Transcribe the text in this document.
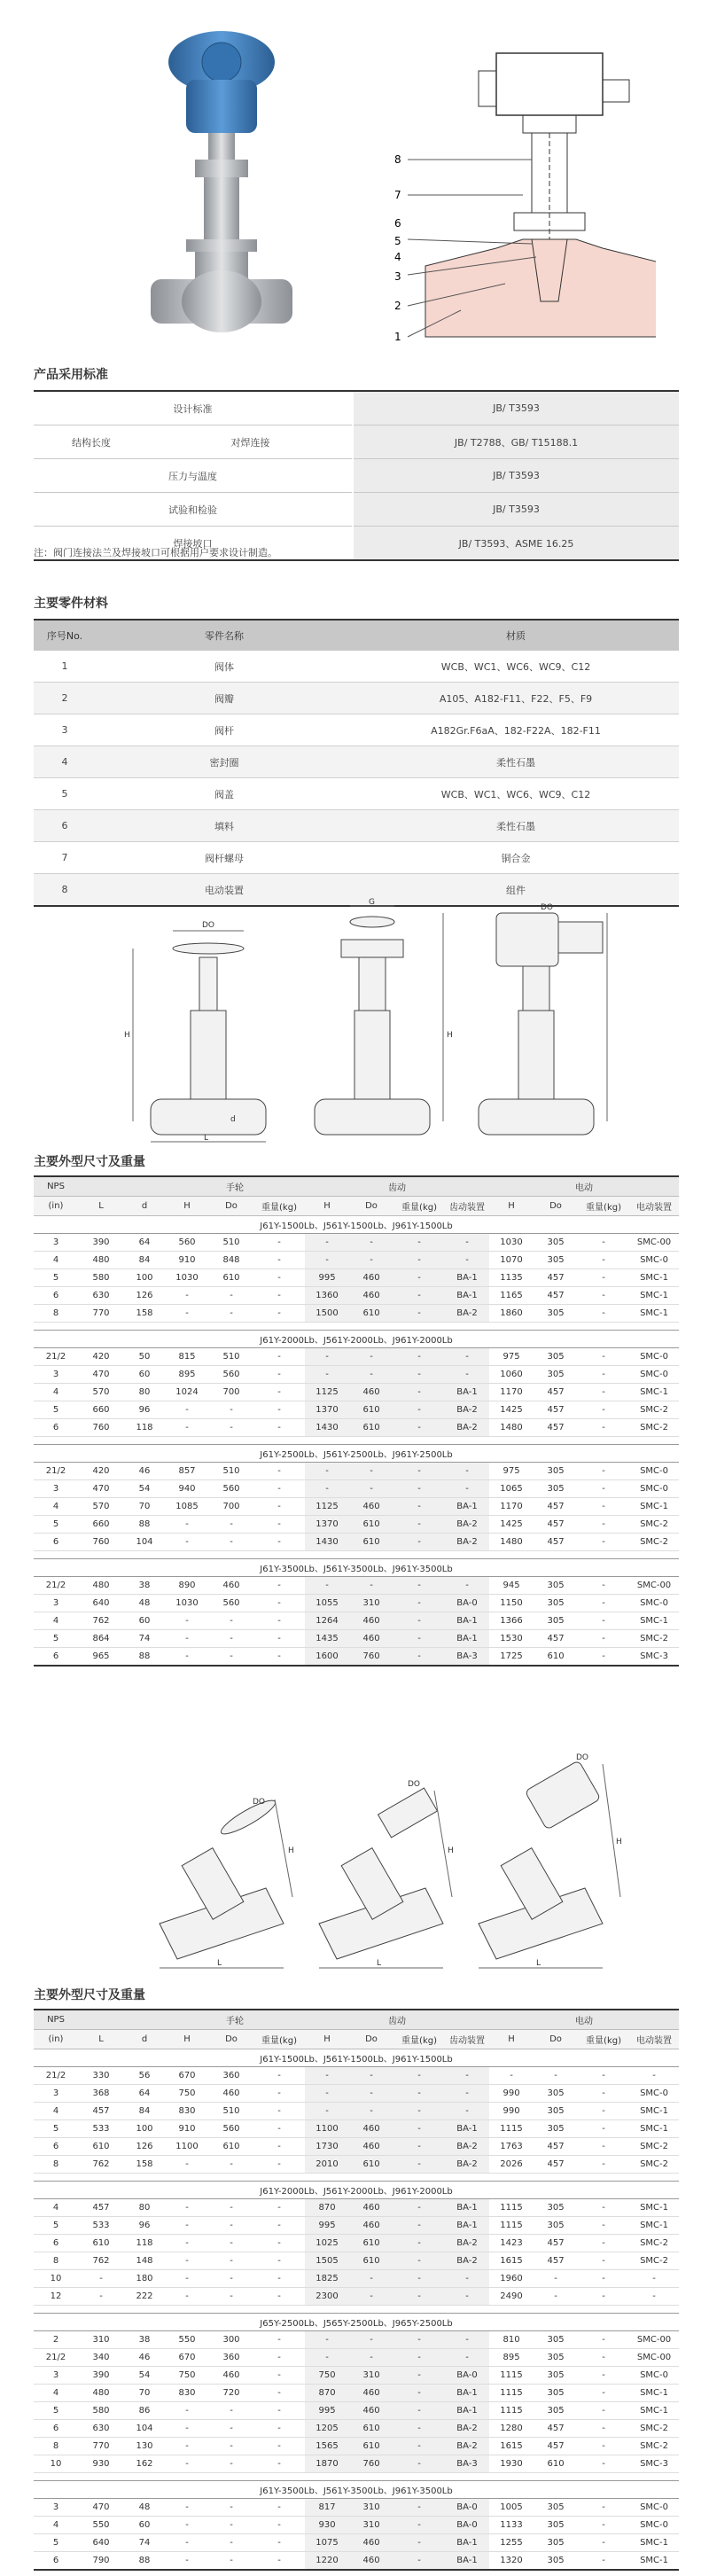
8
7
6
5
4
3
2
1
产品采用标准
设计标准		JB/ T3593
结构长度	对焊连接	JB/ T2788、GB/ T15188.1
压力与温度		JB/ T3593
试验和检验		JB/ T3593
焊接坡口		JB/ T3593、ASME 16.25
注：阀门连接法兰及焊接坡口可根据用户要求设计制造。
主要零件材料
序号No.	零件名称	材质
1	阀体	WCB、WC1、WC6、WC9、C12
2	阀瓣	A105、A182-F11、F22、F5、F9
3	阀杆	A182Gr.F6aA、182-F22A、182-F11
4	密封圈	柔性石墨
5	阀盖	WCB、WC1、WC6、WC9、C12
6	填料	柔性石墨
7	阀杆螺母	铜合金
8	电动装置	组件
DO
H
L
d
G
H
DO
主要外型尺寸及重量
NPS			手轮			齿动				电动			
(in)	L	d	H	Do	重量(kg)	H	Do	重量(kg)	齿动装置	H	Do	重量(kg)	电动装置
J61Y-1500Lb、J561Y-1500Lb、J961Y-1500Lb													
3	390	64	560	510	-	-	-	-	-	1030	305	-	SMC-00
4	480	84	910	848	-	-	-	-	-	1070	305	-	SMC-0
5	580	100	1030	610	-	995	460	-	BA-1	1135	457	-	SMC-1
6	630	126	-	-	-	1360	460	-	BA-1	1165	457	-	SMC-1
8	770	158	-	-	-	1500	610	-	BA-2	1860	305	-	SMC-1

J61Y-2000Lb、J561Y-2000Lb、J961Y-2000Lb													
21/2	420	50	815	510	-	-	-	-	-	975	305	-	SMC-0
3	470	60	895	560	-	-	-	-	-	1060	305	-	SMC-0
4	570	80	1024	700	-	1125	460	-	BA-1	1170	457	-	SMC-1
5	660	96	-	-	-	1370	610	-	BA-2	1425	457	-	SMC-2
6	760	118	-	-	-	1430	610	-	BA-2	1480	457	-	SMC-2

J61Y-2500Lb、J561Y-2500Lb、J961Y-2500Lb													
21/2	420	46	857	510	-	-	-	-	-	975	305	-	SMC-0
3	470	54	940	560	-	-	-	-	-	1065	305	-	SMC-0
4	570	70	1085	700	-	1125	460	-	BA-1	1170	457	-	SMC-1
5	660	88	-	-	-	1370	610	-	BA-2	1425	457	-	SMC-2
6	760	104	-	-	-	1430	610	-	BA-2	1480	457	-	SMC-2

J61Y-3500Lb、J561Y-3500Lb、J961Y-3500Lb													
21/2	480	38	890	460	-	-	-	-	-	945	305	-	SMC-00
3	640	48	1030	560	-	1055	310	-	BA-0	1150	305	-	SMC-0
4	762	60	-	-	-	1264	460	-	BA-1	1366	305	-	SMC-1
5	864	74	-	-	-	1435	460	-	BA-1	1530	457	-	SMC-2
6	965	88	-	-	-	1600	760	-	BA-3	1725	610	-	SMC-3
DO
H
L
DO
H
L
DO
H
L
主要外型尺寸及重量
NPS			手轮			齿动				电动			
(in)	L	d	H	Do	重量(kg)	H	Do	重量(kg)	齿动装置	H	Do	重量(kg)	电动装置
J61Y-1500Lb、J561Y-1500Lb、J961Y-1500Lb													
21/2	330	56	670	360	-	-	-	-	-	-	-	-	-
3	368	64	750	460	-	-	-	-	-	990	305	-	SMC-0
4	457	84	830	510	-	-	-	-	-	990	305	-	SMC-1
5	533	100	910	560	-	1100	460	-	BA-1	1115	305	-	SMC-1
6	610	126	1100	610	-	1730	460	-	BA-2	1763	457	-	SMC-2
8	762	158	-	-	-	2010	610	-	BA-2	2026	457	-	SMC-2

J61Y-2000Lb、J561Y-2000Lb、J961Y-2000Lb													
4	457	80	-	-	-	870	460	-	BA-1	1115	305	-	SMC-1
5	533	96	-	-	-	995	460	-	BA-1	1115	305	-	SMC-1
6	610	118	-	-	-	1025	610	-	BA-2	1423	457	-	SMC-2
8	762	148	-	-	-	1505	610	-	BA-2	1615	457	-	SMC-2
10	-	180	-	-	-	1825	-	-	-	1960	-	-	-
12	-	222	-	-	-	2300	-	-	-	2490	-	-	-

J65Y-2500Lb、J565Y-2500Lb、J965Y-2500Lb													
2	310	38	550	300	-	-	-	-	-	810	305	-	SMC-00
21/2	340	46	670	360	-	-	-	-	-	895	305	-	SMC-00
3	390	54	750	460	-	750	310	-	BA-0	1115	305	-	SMC-0
4	480	70	830	720	-	870	460	-	BA-1	1115	305	-	SMC-1
5	580	86	-	-	-	995	460	-	BA-1	1115	305	-	SMC-1
6	630	104	-	-	-	1205	610	-	BA-2	1280	457	-	SMC-2
8	770	130	-	-	-	1565	610	-	BA-2	1615	457	-	SMC-2
10	930	162	-	-	-	1870	760	-	BA-3	1930	610	-	SMC-3

J61Y-3500Lb、J561Y-3500Lb、J961Y-3500Lb													
3	470	48	-	-	-	817	310	-	BA-0	1005	305	-	SMC-0
4	550	60	-	-	-	930	310	-	BA-0	1133	305	-	SMC-0
5	640	74	-	-	-	1075	460	-	BA-1	1255	305	-	SMC-1
6	790	88	-	-	-	1220	460	-	BA-1	1320	305	-	SMC-1
